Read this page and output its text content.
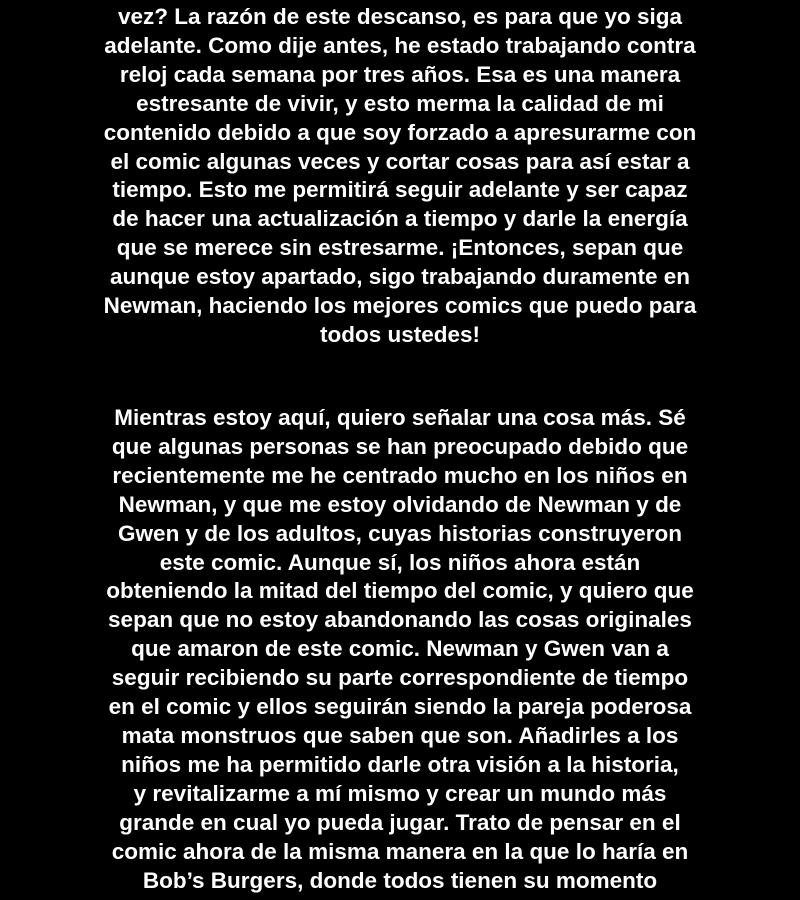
vez? La razón de este descanso, es para que yo siga
adelante. Como dije antes, he estado trabajando contra
reloj cada semana por tres años. Esa es una manera
estresante de vivir, y esto merma la calidad de mi
contenido debido a que soy forzado a apresurarme con
el comic algunas veces y cortar cosas para así estar a
tiempo. Esto me permitirá seguir adelante y ser capaz
de hacer una actualización a tiempo y darle la energía
que se merece sin estresarme. ¡Entonces, sepan que
aunque estoy apartado, sigo trabajando duramente en
Newman, haciendo los mejores comics que puedo para
todos ustedes!

Mientras estoy aquí, quiero señalar una cosa más. Sé
que algunas personas se han preocupado debido que
recientemente me he centrado mucho en los niños en
Newman, y que me estoy olvidando de Newman y de
Gwen y de los adultos, cuyas historias construyeron
este comic. Aunque sí, los niños ahora están
obteniendo la mitad del tiempo del comic, y quiero que
sepan que no estoy abandonando las cosas originales
que amaron de este comic. Newman y Gwen van a
seguir recibiendo su parte correspondiente de tiempo
en el comic y ellos seguirán siendo la pareja poderosa
mata monstruos que saben que son. Añadirles a los
niños me ha permitido darle otra visión a la historia,
y revitalizarme a mí mismo y crear un mundo más
grande en cual yo pueda jugar. Trato de pensar en el
comic ahora de la misma manera en la que lo haría en
Bob’s Burgers, donde todos tienen su momento
